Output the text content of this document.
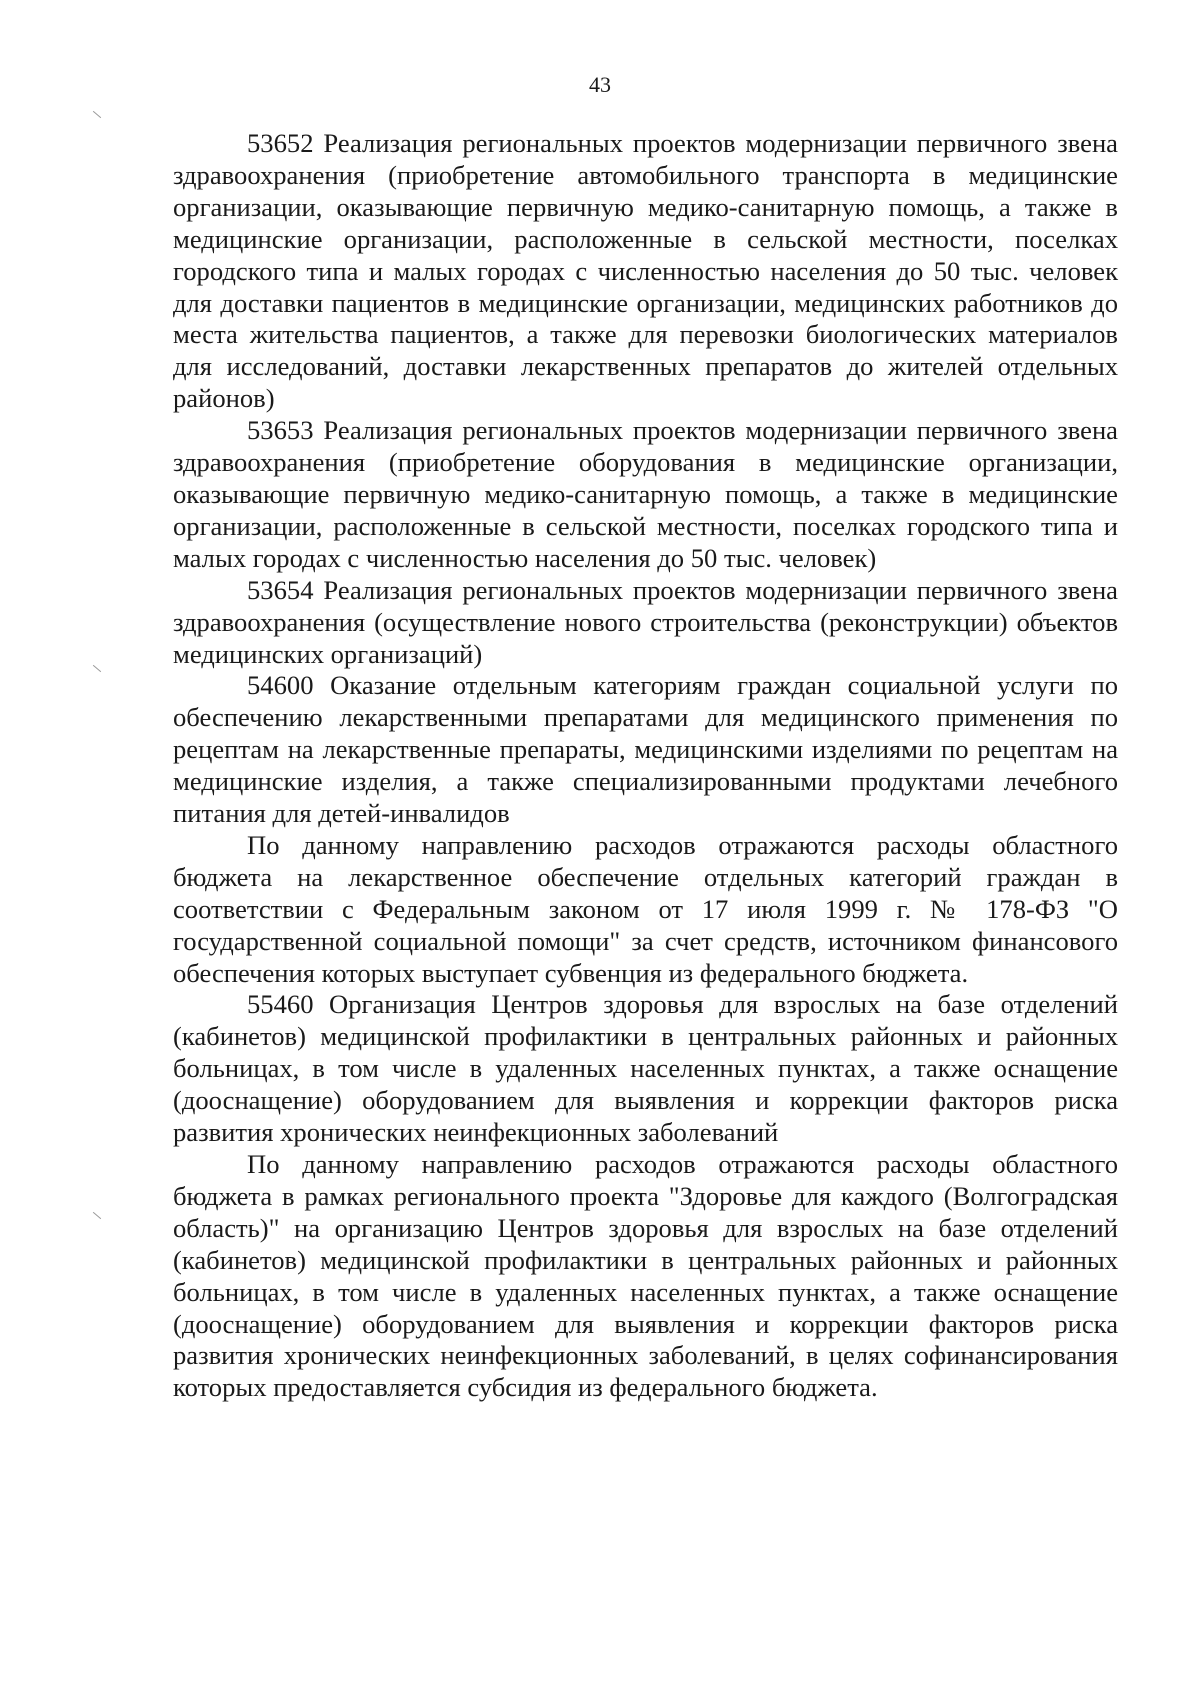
43

53652 Реализация региональных проектов модернизации первичного звена здравоохранения (приобретение автомобильного транспорта в медицинские организации, оказывающие первичную медико-санитарную помощь, а также в медицинские организации, расположенные в сельской местности, поселках городского типа и малых городах с численностью населения до 50 тыс. человек для доставки пациентов в медицинские организации, медицинских работников до места жительства пациентов, а также для перевозки биологических материалов для исследований, доставки лекарственных препаратов до жителей отдельных районов)

53653 Реализация региональных проектов модернизации первичного звена здравоохранения (приобретение оборудования в медицинские организации, оказывающие первичную медико-санитарную помощь, а также в медицинские организации, расположенные в сельской местности, поселках городского типа и малых городах с численностью населения до 50 тыс. человек)

53654 Реализация региональных проектов модернизации первичного звена здравоохранения (осуществление нового строительства (реконструкции) объектов медицинских организаций)

54600 Оказание отдельным категориям граждан социальной услуги по обеспечению лекарственными препаратами для медицинского применения по рецептам на лекарственные препараты, медицинскими изделиями по рецептам на медицинские изделия, а также специализированными продуктами лечебного питания для детей-инвалидов

По данному направлению расходов отражаются расходы областного бюджета на лекарственное обеспечение отдельных категорий граждан в соответствии с Федеральным законом от 17 июля 1999 г. № 178-ФЗ "О государственной социальной помощи" за счет средств, источником финансового обеспечения которых выступает субвенция из федерального бюджета.

55460 Организация Центров здоровья для взрослых на базе отделений (кабинетов) медицинской профилактики в центральных районных и районных больницах, в том числе в удаленных населенных пунктах, а также оснащение (дооснащение) оборудованием для выявления и коррекции факторов риска развития хронических неинфекционных заболеваний

По данному направлению расходов отражаются расходы областного бюджета в рамках регионального проекта "Здоровье для каждого (Волгоградская область)" на организацию Центров здоровья для взрослых на базе отделений (кабинетов) медицинской профилактики в центральных районных и районных больницах, в том числе в удаленных населенных пунктах, а также оснащение (дооснащение) оборудованием для выявления и коррекции факторов риска развития хронических неинфекционных заболеваний, в целях софинансирования которых предоставляется субсидия из федерального бюджета.
